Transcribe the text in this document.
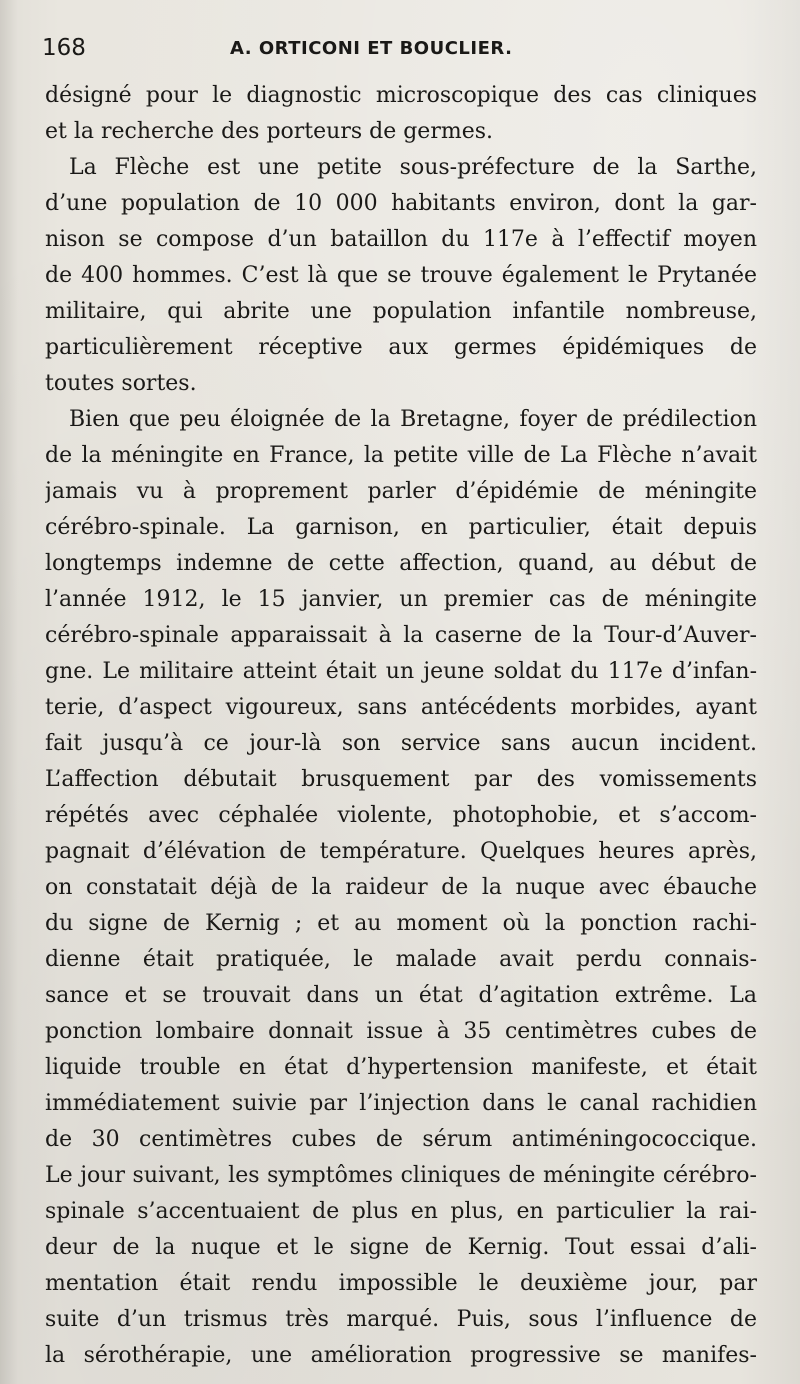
168	A. ORTICONI ET BOUCLIER.
désigné pour le diagnostic microscopique des cas cliniques
et la recherche des porteurs de germes.
La Flèche est une petite sous-préfecture de la Sarthe,
d’une population de 10 000 habitants environ, dont la gar-
nison se compose d’un bataillon du 117e à l’effectif moyen
de 400 hommes. C’est là que se trouve également le Prytanée
militaire, qui abrite une population infantile nombreuse,
particulièrement réceptive aux germes épidémiques de
toutes sortes.
Bien que peu éloignée de la Bretagne, foyer de prédilection
de la méningite en France, la petite ville de La Flèche n’avait
jamais vu à proprement parler d’épidémie de méningite
cérébro-spinale. La garnison, en particulier, était depuis
longtemps indemne de cette affection, quand, au début de
l’année 1912, le 15 janvier, un premier cas de méningite
cérébro-spinale apparaissait à la caserne de la Tour-d’Auver-
gne. Le militaire atteint était un jeune soldat du 117e d’infan-
terie, d’aspect vigoureux, sans antécédents morbides, ayant
fait jusqu’à ce jour-là son service sans aucun incident.
L’affection débutait brusquement par des vomissements
répétés avec céphalée violente, photophobie, et s’accom-
pagnait d’élévation de température. Quelques heures après,
on constatait déjà de la raideur de la nuque avec ébauche
du signe de Kernig ; et au moment où la ponction rachi-
dienne était pratiquée, le malade avait perdu connais-
sance et se trouvait dans un état d’agitation extrême. La
ponction lombaire donnait issue à 35 centimètres cubes de
liquide trouble en état d’hypertension manifeste, et était
immédiatement suivie par l’injection dans le canal rachidien
de 30 centimètres cubes de sérum antiméningococcique.
Le jour suivant, les symptômes cliniques de méningite cérébro-
spinale s’accentuaient de plus en plus, en particulier la rai-
deur de la nuque et le signe de Kernig. Tout essai d’ali-
mentation était rendu impossible le deuxième jour, par
suite d’un trismus très marqué. Puis, sous l’influence de
la sérothérapie, une amélioration progressive se manifes-
